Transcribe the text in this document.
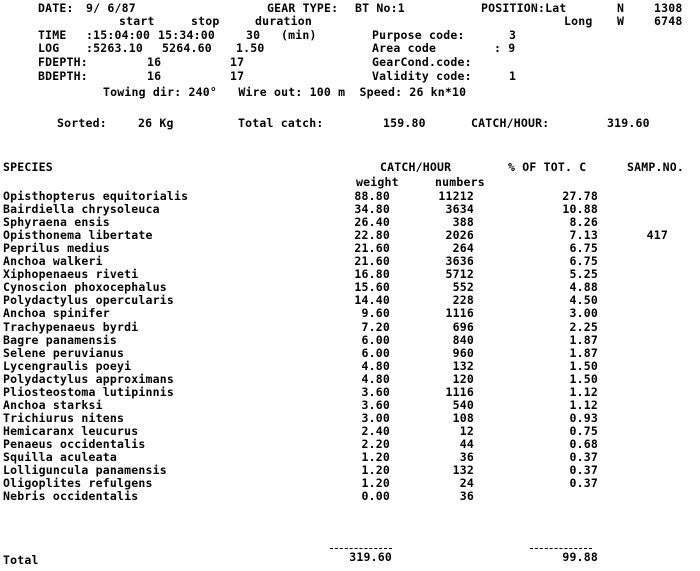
DATE: 9/ 6/87	GEAR TYPE: BT No:1	POSITION:Lat	N	1308
start	stop	duration	Long W	6748
TIME :15:04:00 15:34:00	30 (min)	Purpose code:	3
LOG :5263.10 5264.60 1.50	Area code	: 9
FDEPTH:	16	17	GearCond.code:
BDEPTH:	16	17	Validity code:	1
Towing dir: 240°   Wire out: 100 m  Speed: 26 kn*10
Sorted:	26 Kg	Total catch:	159.80	CATCH/HOUR:	319.60
SPECIES	CATCH/HOUR	% OF TOT. C	SAMP.NO.
weight	numbers
Opisthopterus equitorialis	88.80	11212	27.78
Bairdiella chrysoleuca	34.80	3634	10.88
Sphyraena ensis	26.40	388	8.26
Opisthonema libertate	22.80	2026	7.13	417
Peprilus medius	21.60	264	6.75
Anchoa walkeri	21.60	3636	6.75
Xiphopenaeus riveti	16.80	5712	5.25
Cynoscion phoxocephalus	15.60	552	4.88
Polydactylus opercularis	14.40	228	4.50
Anchoa spinifer	9.60	1116	3.00
Trachypenaeus byrdi	7.20	696	2.25
Bagre panamensis	6.00	840	1.87
Selene peruvianus	6.00	960	1.87
Lycengraulis poeyi	4.80	132	1.50
Polydactylus approximans	4.80	120	1.50
Pliosteostoma lutipinnis	3.60	1116	1.12
Anchoa starksi	3.60	540	1.12
Trichiurus nitens	3.00	108	0.93
Hemicaranx leucurus	2.40	12	0.75
Penaeus occidentalis	2.20	44	0.68
Squilla aculeata	1.20	36	0.37
Lolliguncula panamensis	1.20	132	0.37
Oligoplites refulgens	1.20	24	0.37
Nebris occidentalis	0.00	36
Total	319.60	99.88
